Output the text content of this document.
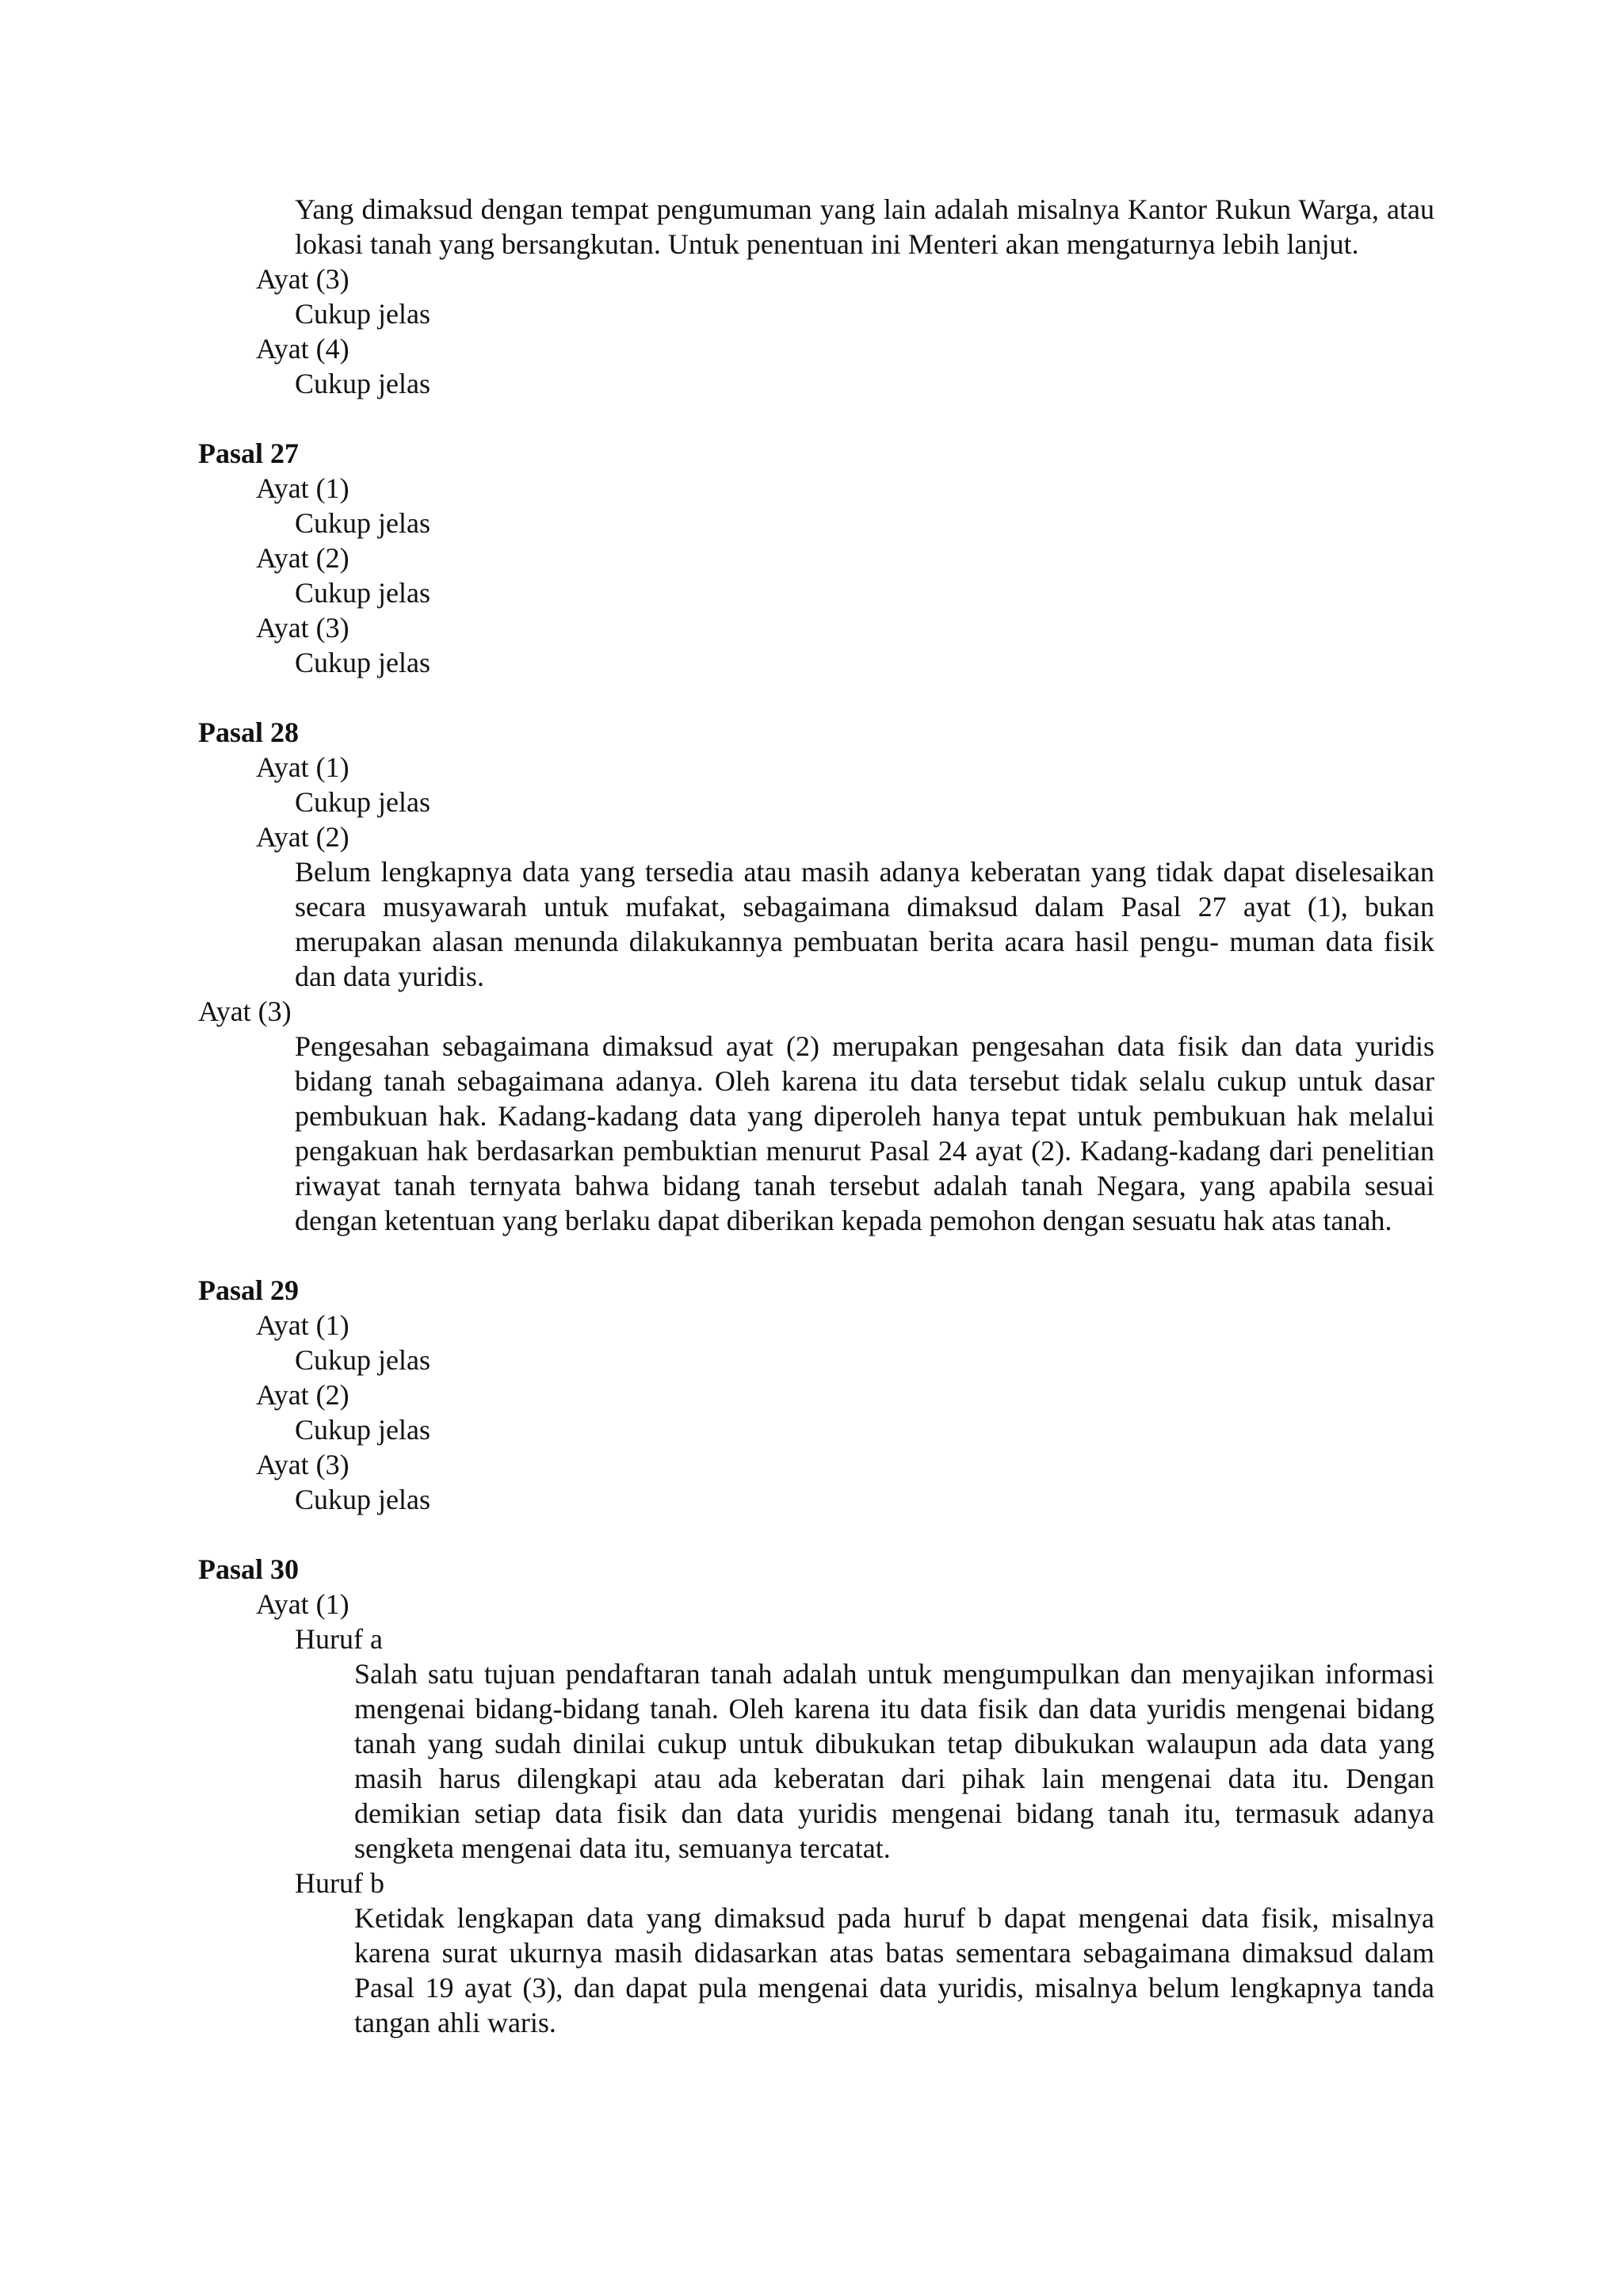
Yang dimaksud dengan tempat pengumuman yang lain adalah misalnya Kantor Rukun Warga, atau lokasi tanah yang bersangkutan. Untuk penentuan ini Menteri akan mengaturnya lebih lanjut.

Ayat (3)

Cukup jelas

Ayat (4)

Cukup jelas

Pasal 27

Ayat (1)

Cukup jelas

Ayat (2)

Cukup jelas

Ayat (3)

Cukup jelas

Pasal 28

Ayat (1)

Cukup jelas

Ayat (2)

Belum lengkapnya data yang tersedia atau masih adanya keberatan yang tidak dapat diselesaikan secara musyawarah untuk mufakat, sebagaimana dimaksud dalam Pasal 27 ayat (1), bukan merupakan alasan menunda dilakukannya pembuatan berita acara hasil pengu- muman data fisik dan data yuridis.

Ayat (3)

Pengesahan sebagaimana dimaksud ayat (2) merupakan pengesahan data fisik dan data yuridis bidang tanah sebagaimana adanya. Oleh karena itu data tersebut tidak selalu cukup untuk dasar pembukuan hak. Kadang-kadang data yang diperoleh hanya tepat untuk pembukuan hak melalui pengakuan hak berdasarkan pembuktian menurut Pasal 24 ayat (2). Kadang-kadang dari penelitian riwayat tanah ternyata bahwa bidang tanah tersebut adalah tanah Negara, yang apabila sesuai dengan ketentuan yang berlaku dapat diberikan kepada pemohon dengan sesuatu hak atas tanah.

Pasal 29

Ayat (1)

Cukup jelas

Ayat (2)

Cukup jelas

Ayat (3)

Cukup jelas

Pasal 30

Ayat (1)

Huruf a

Salah satu tujuan pendaftaran tanah adalah untuk mengumpulkan dan menyajikan informasi mengenai bidang-bidang tanah. Oleh karena itu data fisik dan data yuridis mengenai bidang tanah yang sudah dinilai cukup untuk dibukukan tetap dibukukan walaupun ada data yang masih harus dilengkapi atau ada keberatan dari pihak lain mengenai data itu. Dengan demikian setiap data fisik dan data yuridis mengenai bidang tanah itu, termasuk adanya sengketa mengenai data itu, semuanya tercatat.

Huruf b

Ketidak lengkapan data yang dimaksud pada huruf b dapat mengenai data fisik, misalnya karena surat ukurnya masih didasarkan atas batas sementara sebagaimana dimaksud dalam Pasal 19 ayat (3), dan dapat pula mengenai data yuridis, misalnya belum lengkapnya tanda tangan ahli waris.
